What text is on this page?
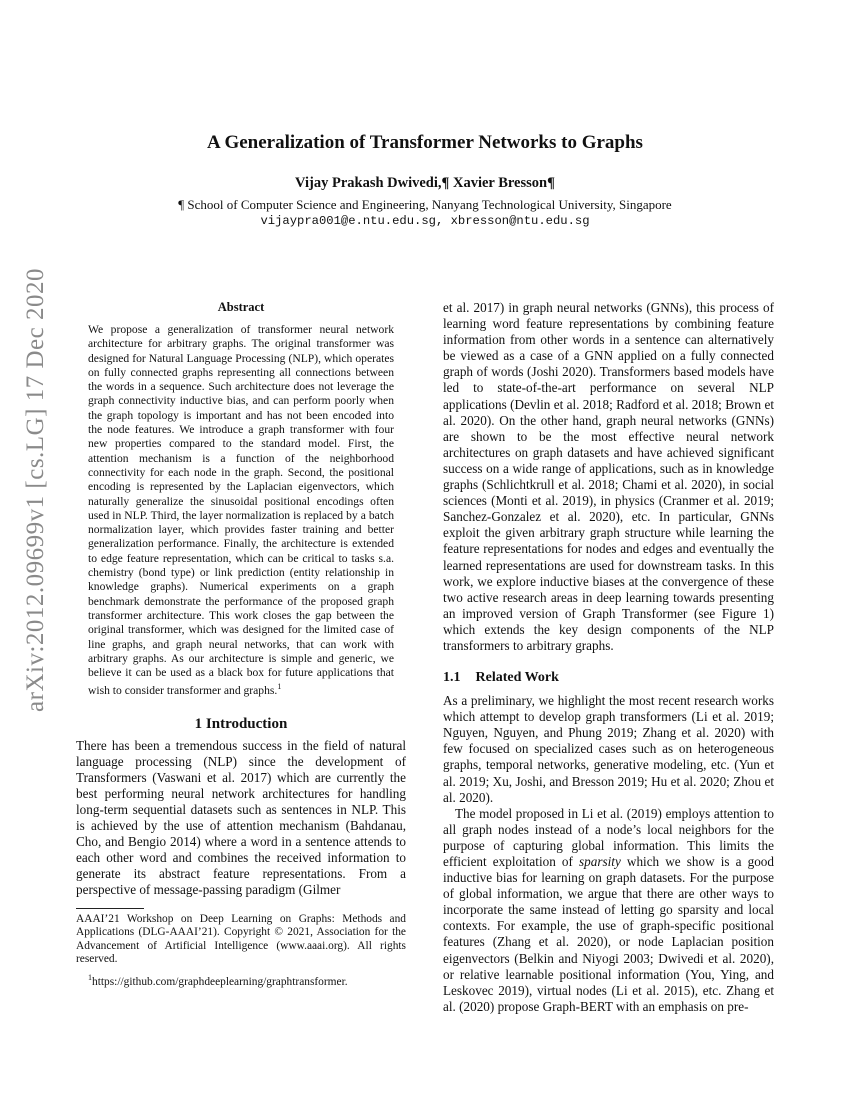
arXiv:2012.09699v1 [cs.LG] 17 Dec 2020
A Generalization of Transformer Networks to Graphs
Vijay Prakash Dwivedi,¶ Xavier Bresson¶
¶ School of Computer Science and Engineering, Nanyang Technological University, Singapore
vijaypra001@e.ntu.edu.sg, xbresson@ntu.edu.sg
Abstract

We propose a generalization of transformer neural network architecture for arbitrary graphs. The original transformer was designed for Natural Language Processing (NLP), which operates on fully connected graphs representing all connections between the words in a sequence. Such architecture does not leverage the graph connectivity inductive bias, and can perform poorly when the graph topology is important and has not been encoded into the node features. We introduce a graph transformer with four new properties compared to the standard model. First, the attention mechanism is a function of the neighborhood connectivity for each node in the graph. Second, the positional encoding is represented by the Laplacian eigenvectors, which naturally generalize the sinusoidal positional encodings often used in NLP. Third, the layer normalization is replaced by a batch normalization layer, which provides faster training and better generalization performance. Finally, the architecture is extended to edge feature representation, which can be critical to tasks s.a. chemistry (bond type) or link prediction (entity relationship in knowledge graphs). Numerical experiments on a graph benchmark demonstrate the performance of the proposed graph transformer architecture. This work closes the gap between the original transformer, which was designed for the limited case of line graphs, and graph neural networks, that can work with arbitrary graphs. As our architecture is simple and generic, we believe it can be used as a black box for future applications that wish to consider transformer and graphs.$^1$

1 Introduction

There has been a tremendous success in the field of natural language processing (NLP) since the development of Transformers (Vaswani et al. 2017) which are currently the best performing neural network architectures for handling long-term sequential datasets such as sentences in NLP. This is achieved by the use of attention mechanism (Bahdanau, Cho, and Bengio 2014) where a word in a sentence attends to each other word and combines the received information to generate its abstract feature representations. From a perspective of message-passing paradigm (Gilmer

AAAI’21 Workshop on Deep Learning on Graphs: Methods and Applications (DLG-AAAI’21). Copyright © 2021, Association for the Advancement of Artificial Intelligence (www.aaai.org). All rights reserved.

$^1$https://github.com/graphdeeplearning/graphtransformer.

et al. 2017) in graph neural networks (GNNs), this process of learning word feature representations by combining feature information from other words in a sentence can alternatively be viewed as a case of a GNN applied on a fully connected graph of words (Joshi 2020). Transformers based models have led to state-of-the-art performance on several NLP applications (Devlin et al. 2018; Radford et al. 2018; Brown et al. 2020). On the other hand, graph neural networks (GNNs) are shown to be the most effective neural network architectures on graph datasets and have achieved significant success on a wide range of applications, such as in knowledge graphs (Schlichtkrull et al. 2018; Chami et al. 2020), in social sciences (Monti et al. 2019), in physics (Cranmer et al. 2019; Sanchez-Gonzalez et al. 2020), etc. In particular, GNNs exploit the given arbitrary graph structure while learning the feature representations for nodes and edges and eventually the learned representations are used for downstream tasks. In this work, we explore inductive biases at the convergence of these two active research areas in deep learning towards presenting an improved version of Graph Transformer (see Figure 1) which extends the key design components of the NLP transformers to arbitrary graphs.

1.1 Related Work

As a preliminary, we highlight the most recent research works which attempt to develop graph transformers (Li et al. 2019; Nguyen, Nguyen, and Phung 2019; Zhang et al. 2020) with few focused on specialized cases such as on heterogeneous graphs, temporal networks, generative modeling, etc. (Yun et al. 2019; Xu, Joshi, and Bresson 2019; Hu et al. 2020; Zhou et al. 2020).

The model proposed in Li et al. (2019) employs attention to all graph nodes instead of a node’s local neighbors for the purpose of capturing global information. This limits the efficient exploitation of sparsity which we show is a good inductive bias for learning on graph datasets. For the purpose of global information, we argue that there are other ways to incorporate the same instead of letting go sparsity and local contexts. For example, the use of graph-specific positional features (Zhang et al. 2020), or node Laplacian position eigenvectors (Belkin and Niyogi 2003; Dwivedi et al. 2020), or relative learnable positional information (You, Ying, and Leskovec 2019), virtual nodes (Li et al. 2015), etc. Zhang et al. (2020) propose Graph-BERT with an emphasis on pre-
